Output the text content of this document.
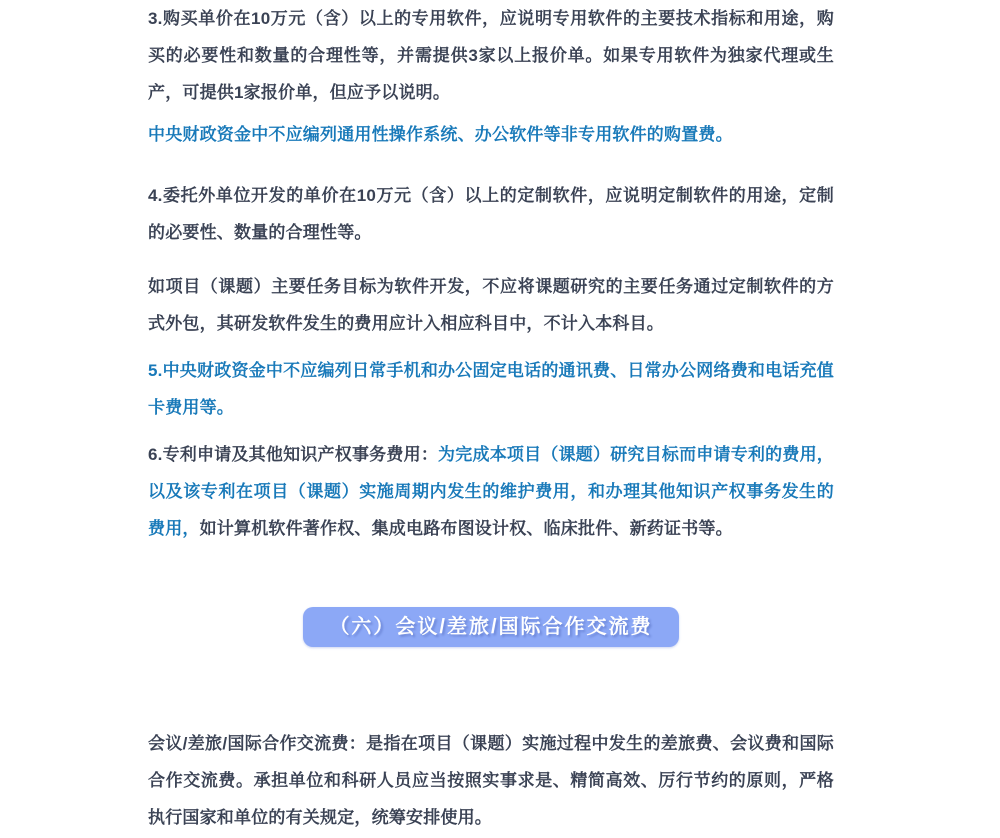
3.购买单价在10万元（含）以上的专用软件，应说明专用软件的主要技术指标和用途，购买的必要性和数量的合理性等，并需提供3家以上报价单。如果专用软件为独家代理或生产，可提供1家报价单，但应予以说明。

中央财政资金中不应编列通用性操作系统、办公软件等非专用软件的购置费。

4.委托外单位开发的单价在10万元（含）以上的定制软件，应说明定制软件的用途，定制的必要性、数量的合理性等。

如项目（课题）主要任务目标为软件开发，不应将课题研究的主要任务通过定制软件的方式外包，其研发软件发生的费用应计入相应科目中，不计入本科目。

5.中央财政资金中不应编列日常手机和办公固定电话的通讯费、日常办公网络费和电话充值卡费用等。

6.专利申请及其他知识产权事务费用：为完成本项目（课题）研究目标而申请专利的费用，以及该专利在项目（课题）实施周期内发生的维护费用，和办理其他知识产权事务发生的费用，如计算机软件著作权、集成电路布图设计权、临床批件、新药证书等。

（六）会议/差旅/国际合作交流费

会议/差旅/国际合作交流费：是指在项目（课题）实施过程中发生的差旅费、会议费和国际合作交流费。承担单位和科研人员应当按照实事求是、精简高效、厉行节约的原则，严格执行国家和单位的有关规定，统筹安排使用。
